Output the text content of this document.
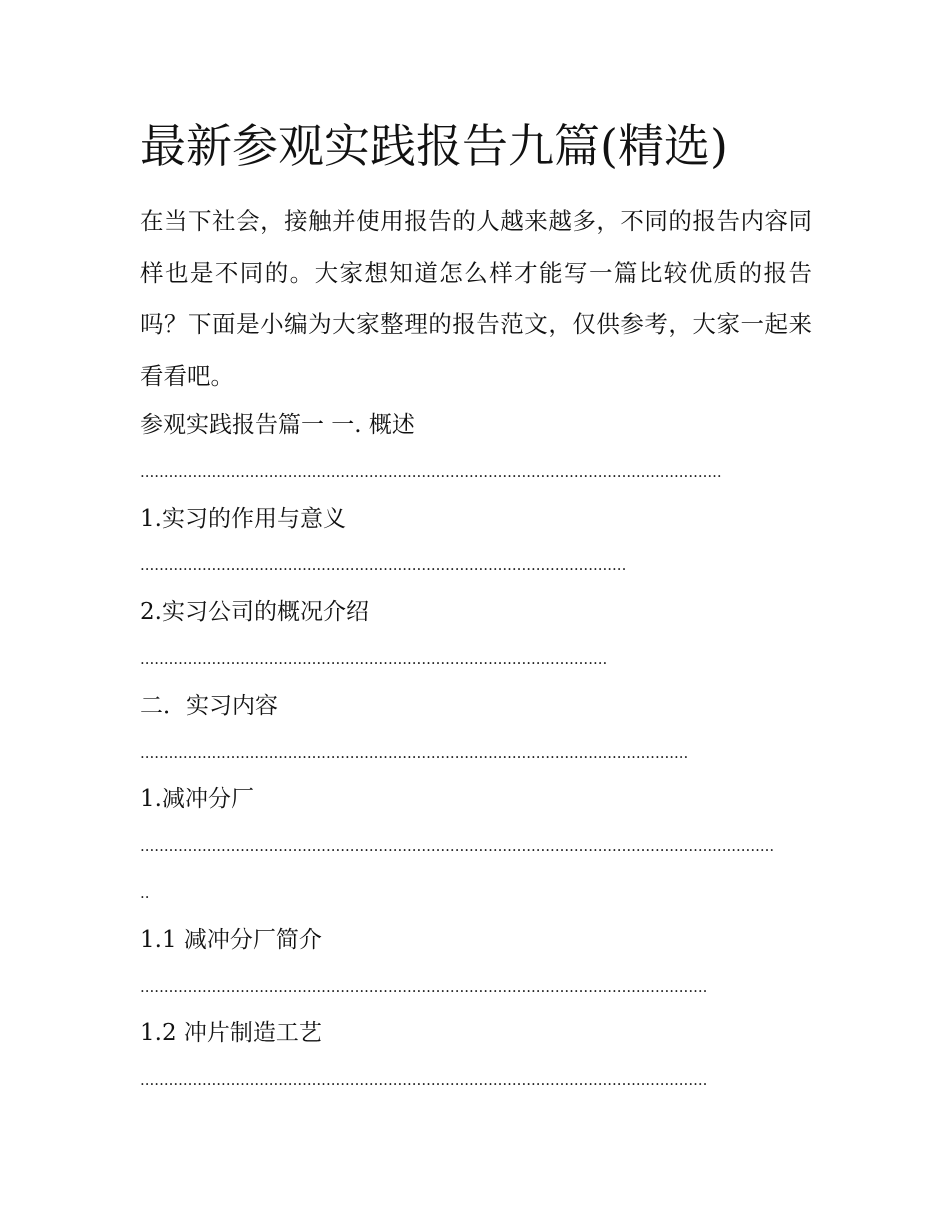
最新参观实践报告九篇(精选)

在当下社会，接触并使用报告的人越来越多，不同的报告内容同样也是不同的。大家想知道怎么样才能写一篇比较优质的报告吗？下面是小编为大家整理的报告范文，仅供参考，大家一起来看看吧。

参观实践报告篇一 一. 概述
..........................................................................................................................
1.实习的作用与意义
......................................................................................................
2.实习公司的概况介绍
..................................................................................................
二．实习内容
...................................................................................................................
1.减冲分厂
.....................................................................................................................................
..
1.1 减冲分厂简介
.......................................................................................................................
1.2 冲片制造工艺
.......................................................................................................................
